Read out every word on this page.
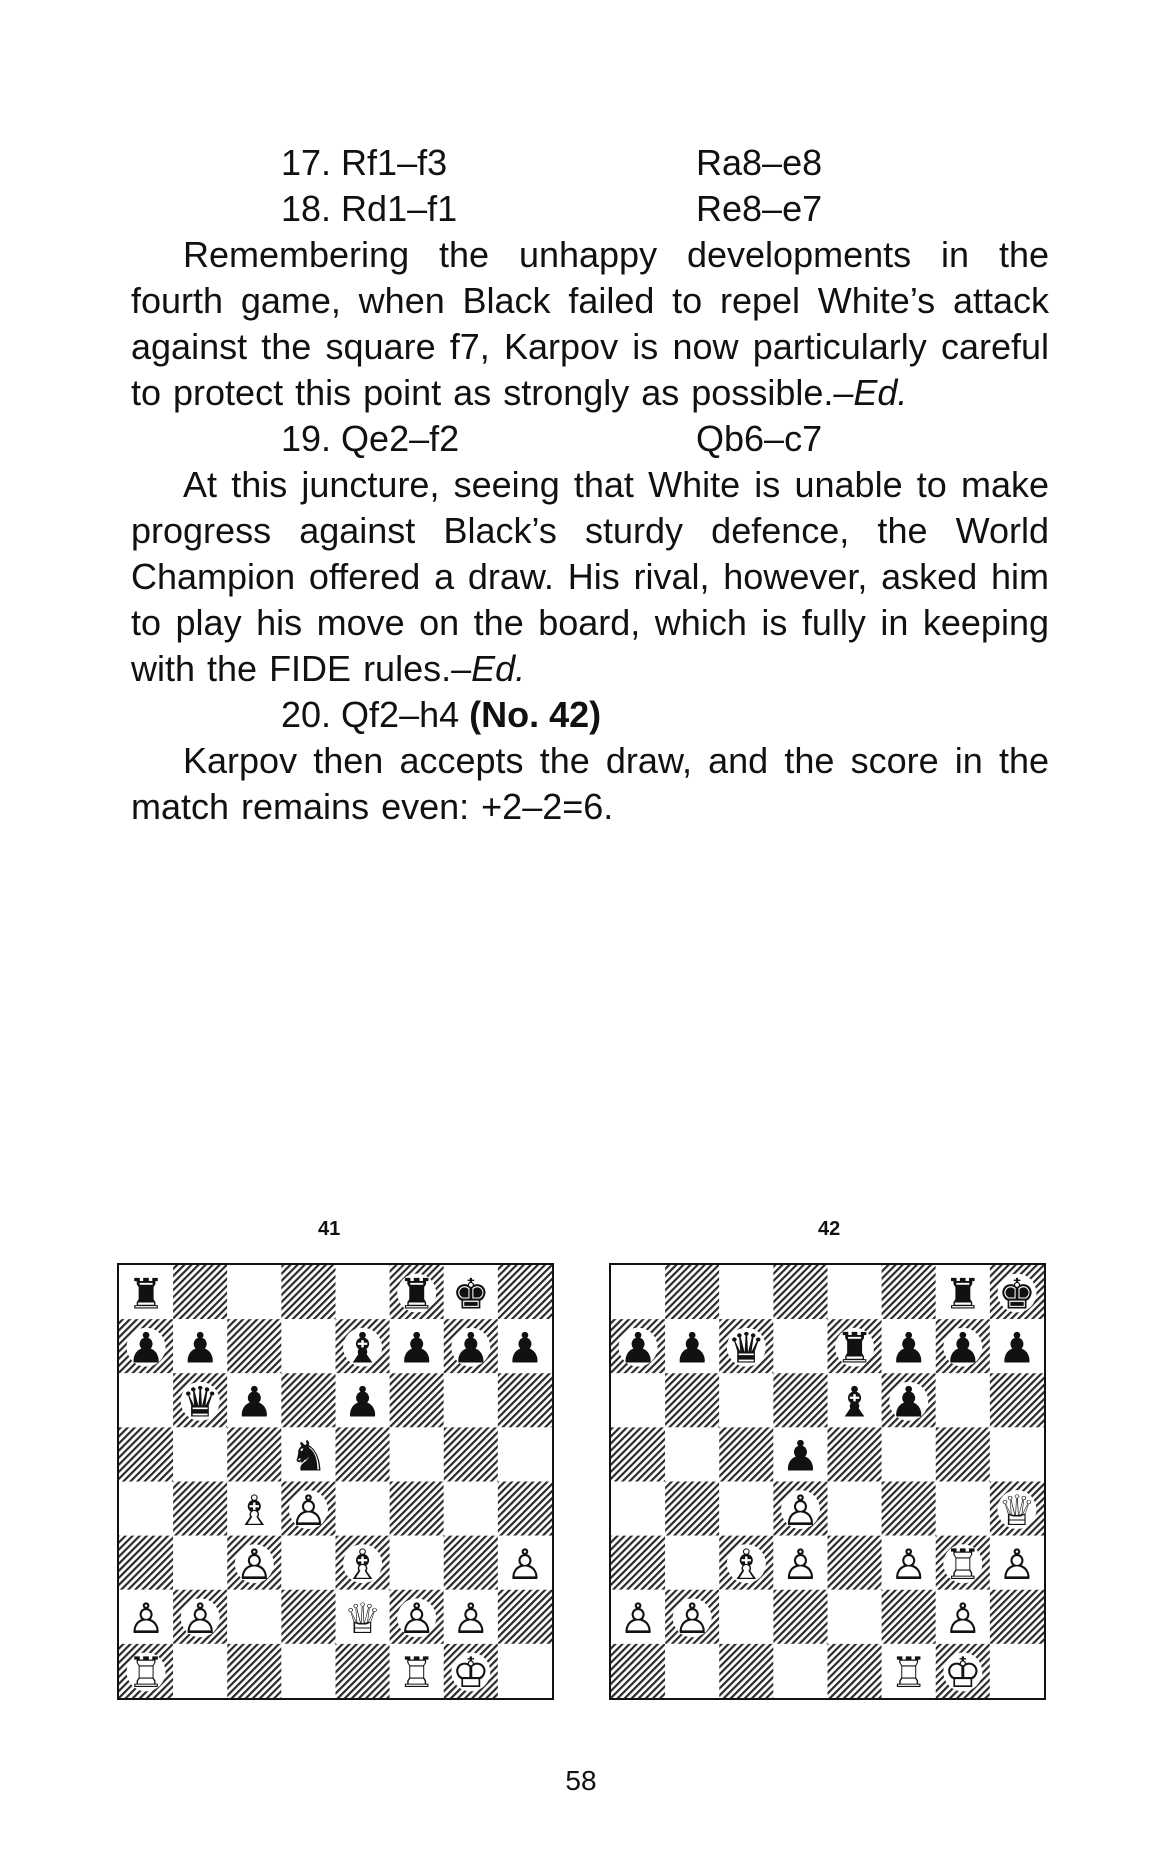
17. Rf1–f3	Ra8–e8
18. Rd1–f1	Re8–e7

Remembering the unhappy developments in the fourth game, when Black failed to repel White’s attack against the square f7, Karpov is now particularly careful to protect this point as strongly as possible.–Ed.

19. Qe2–f2	Qb6–c7

At this juncture, seeing that White is unable to make progress against Black’s sturdy defence, the World Champion offered a draw. His rival, however, asked him to play his move on the board, which is fully in keeping with the FIDE rules.–Ed.

20. Qf2–h4 (No. 42)

Karpov then accepts the draw, and the score in the match remains even: +2–2=6.

41	42
♜	♜ ♚
♟ ♟	♝ ♟ ♟ ♟
♛ ♟ ♟
♞
♗ ♙
♙ ♗	♙
♙ ♙	♕ ♙ ♙
♖	♖ ♔
♜ ♚
♟ ♟ ♛ ♜ ♟ ♟ ♟
♝ ♟
♟
♙	♕
♗ ♙ ♙ ♖ ♙
♙ ♙	♙
♖ ♔
58
